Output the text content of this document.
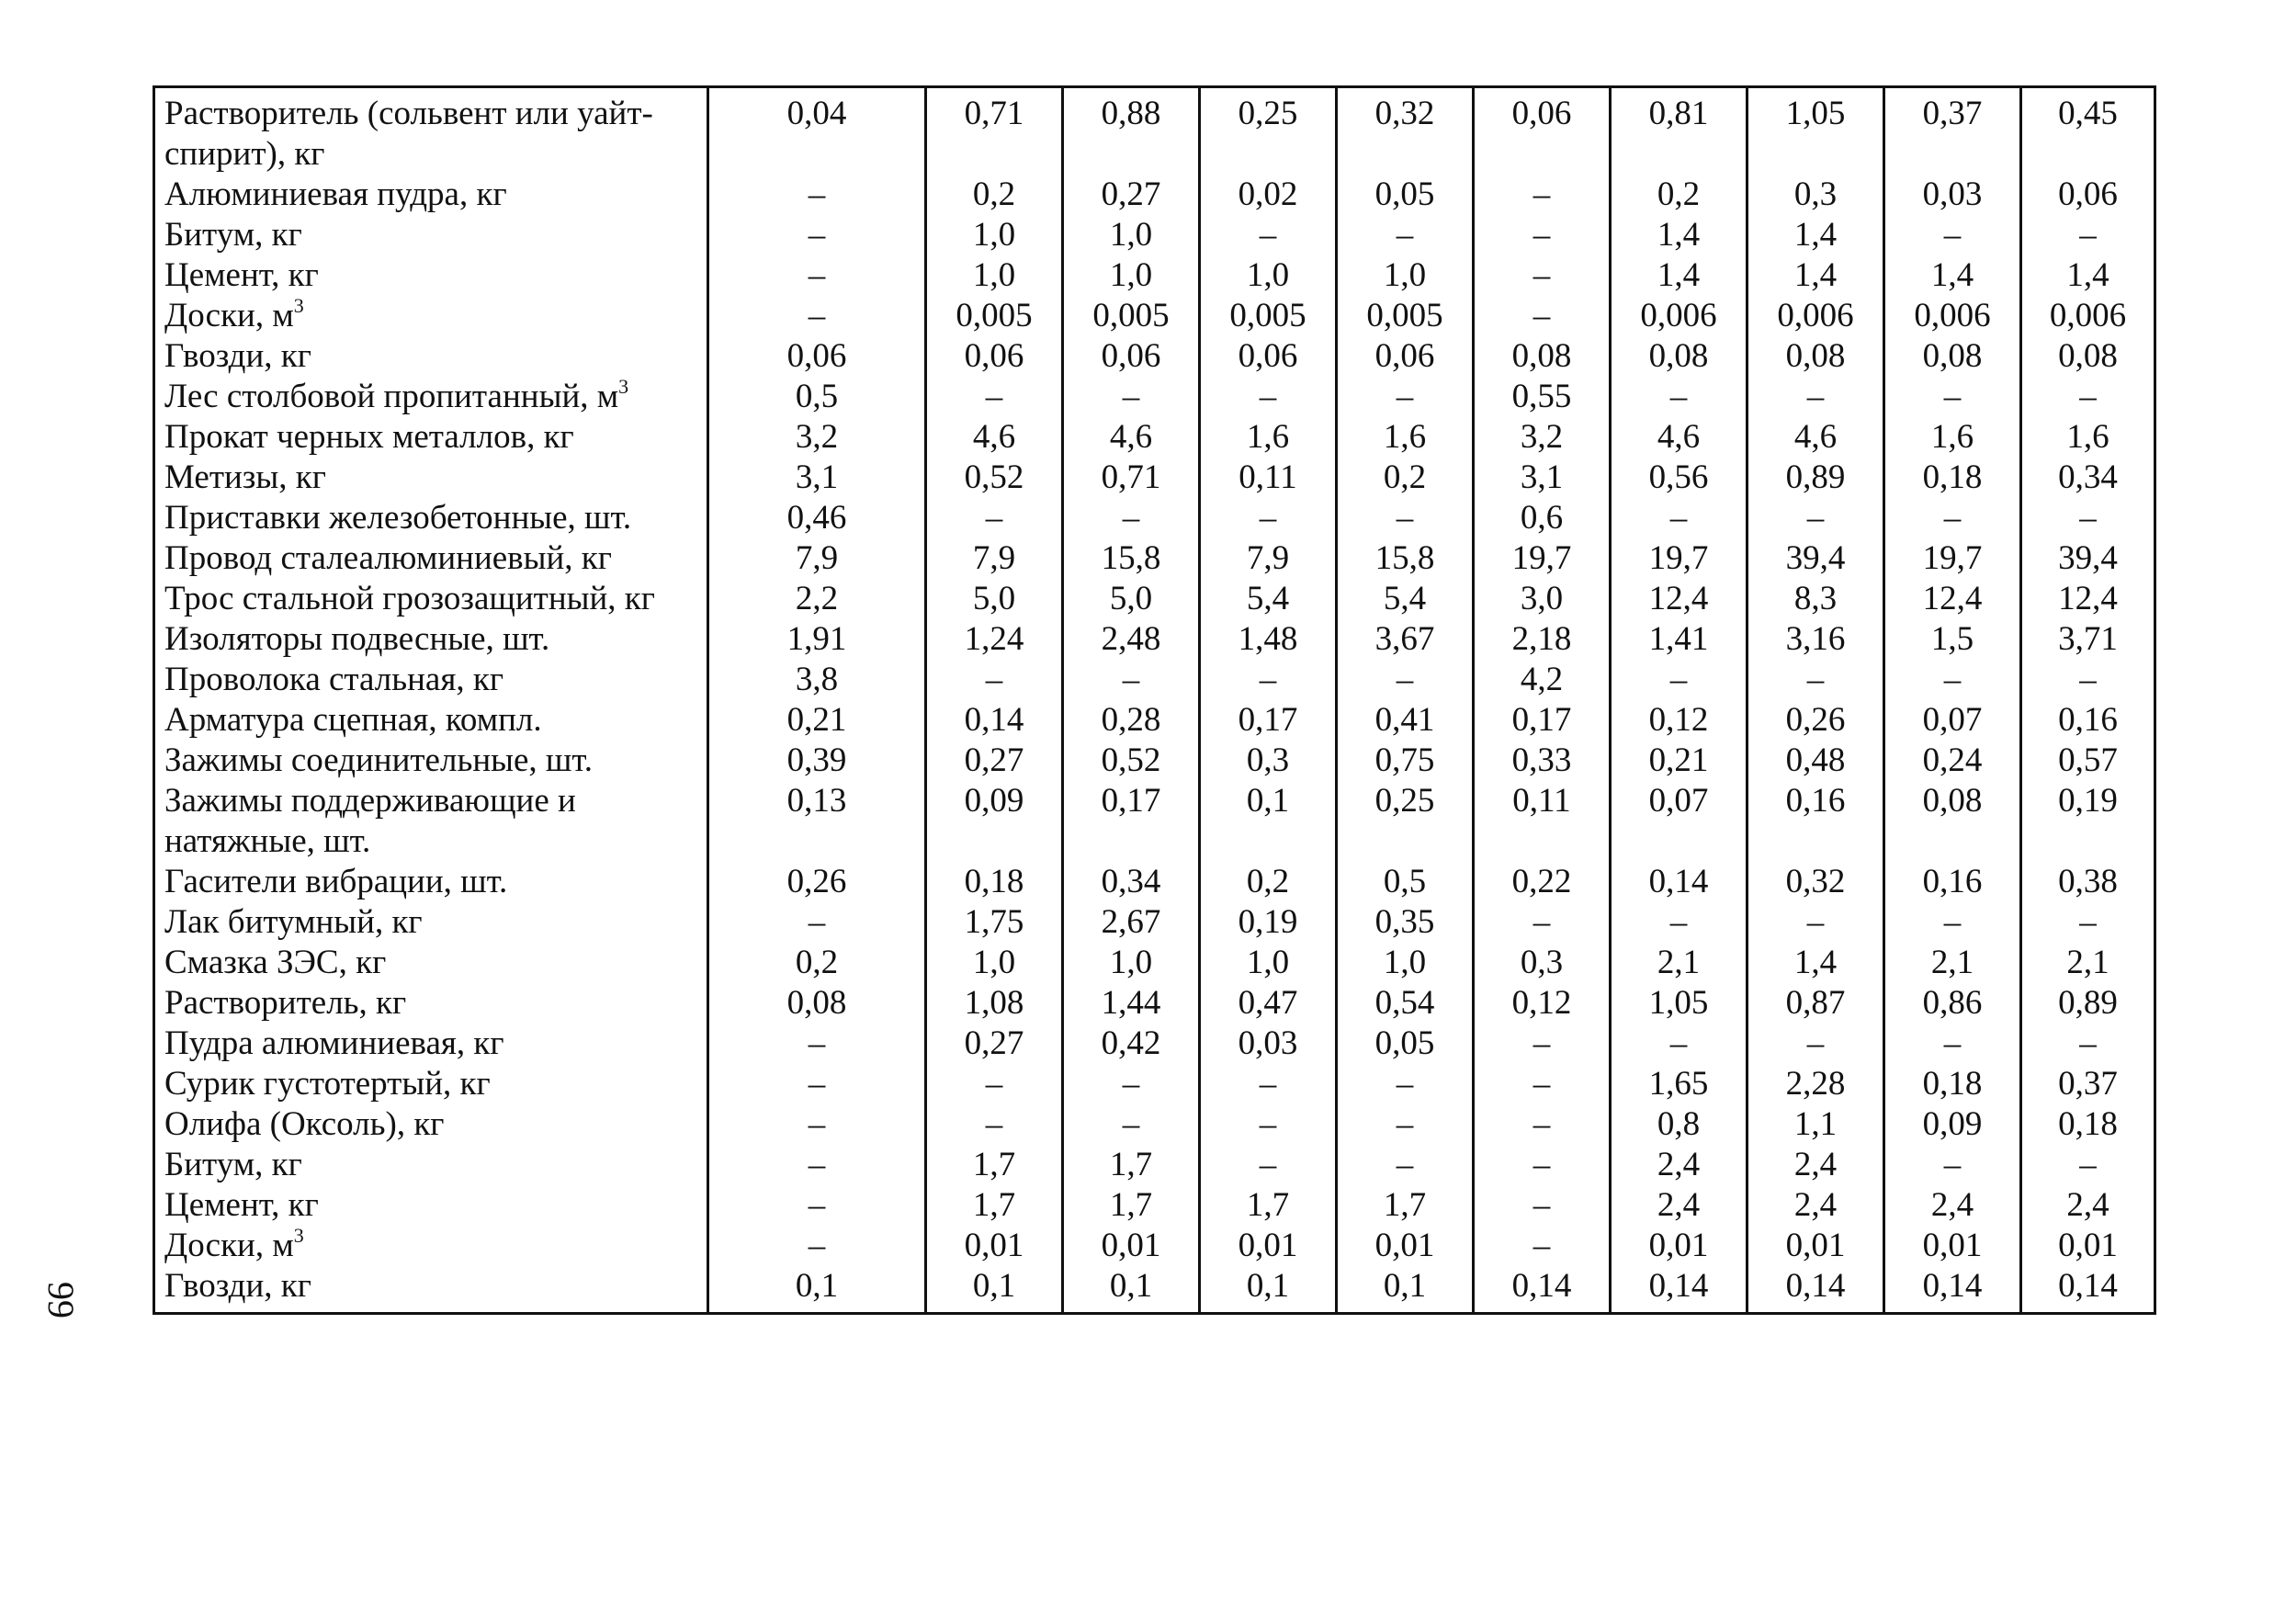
Растворитель (сольвент или уайт-спирит), кг	0,04	0,71	0,88	0,25	0,32	0,06	0,81	1,05	0,37	0,45
Алюминиевая пудра, кг	–	0,2	0,27	0,02	0,05	–	0,2	0,3	0,03	0,06
Битум, кг	–	1,0	1,0	–	–	–	1,4	1,4	–	–
Цемент, кг	–	1,0	1,0	1,0	1,0	–	1,4	1,4	1,4	1,4
Доски, $м^3$	–	0,005	0,005	0,005	0,005	–	0,006	0,006	0,006	0,006
Гвозди, кг	0,06	0,06	0,06	0,06	0,06	0,08	0,08	0,08	0,08	0,08
Лес столбовой пропитанный, $м^3$	0,5	–	–	–	–	0,55	–	–	–	–
Прокат черных металлов, кг	3,2	4,6	4,6	1,6	1,6	3,2	4,6	4,6	1,6	1,6
Метизы, кг	3,1	0,52	0,71	0,11	0,2	3,1	0,56	0,89	0,18	0,34
Приставки железобетонные, шт.	0,46	–	–	–	–	0,6	–	–	–	–
Провод сталеалюминиевый, кг	7,9	7,9	15,8	7,9	15,8	19,7	19,7	39,4	19,7	39,4
Трос стальной грозозащитный, кг	2,2	5,0	5,0	5,4	5,4	3,0	12,4	8,3	12,4	12,4
Изоляторы подвесные, шт.	1,91	1,24	2,48	1,48	3,67	2,18	1,41	3,16	1,5	3,71
Проволока стальная, кг	3,8	–	–	–	–	4,2	–	–	–	–
Арматура сцепная, компл.	0,21	0,14	0,28	0,17	0,41	0,17	0,12	0,26	0,07	0,16
Зажимы соединительные, шт.	0,39	0,27	0,52	0,3	0,75	0,33	0,21	0,48	0,24	0,57
Зажимы поддерживающие и натяжные, шт.	0,13	0,09	0,17	0,1	0,25	0,11	0,07	0,16	0,08	0,19
Гасители вибрации, шт.	0,26	0,18	0,34	0,2	0,5	0,22	0,14	0,32	0,16	0,38
Лак битумный, кг	–	1,75	2,67	0,19	0,35	–	–	–	–	–
Смазка ЗЭС, кг	0,2	1,0	1,0	1,0	1,0	0,3	2,1	1,4	2,1	2,1
Растворитель, кг	0,08	1,08	1,44	0,47	0,54	0,12	1,05	0,87	0,86	0,89
Пудра алюминиевая, кг	–	0,27	0,42	0,03	0,05	–	–	–	–	–
Сурик густотертый, кг	–	–	–	–	–	–	1,65	2,28	0,18	0,37
Олифа (Оксоль), кг	–	–	–	–	–	–	0,8	1,1	0,09	0,18
Битум, кг	–	1,7	1,7	–	–	–	2,4	2,4	–	–
Цемент, кг	–	1,7	1,7	1,7	1,7	–	2,4	2,4	2,4	2,4
Доски, $м^3$	–	0,01	0,01	0,01	0,01	–	0,01	0,01	0,01	0,01
Гвозди, кг	0,1	0,1	0,1	0,1	0,1	0,14	0,14	0,14	0,14	0,14
99
